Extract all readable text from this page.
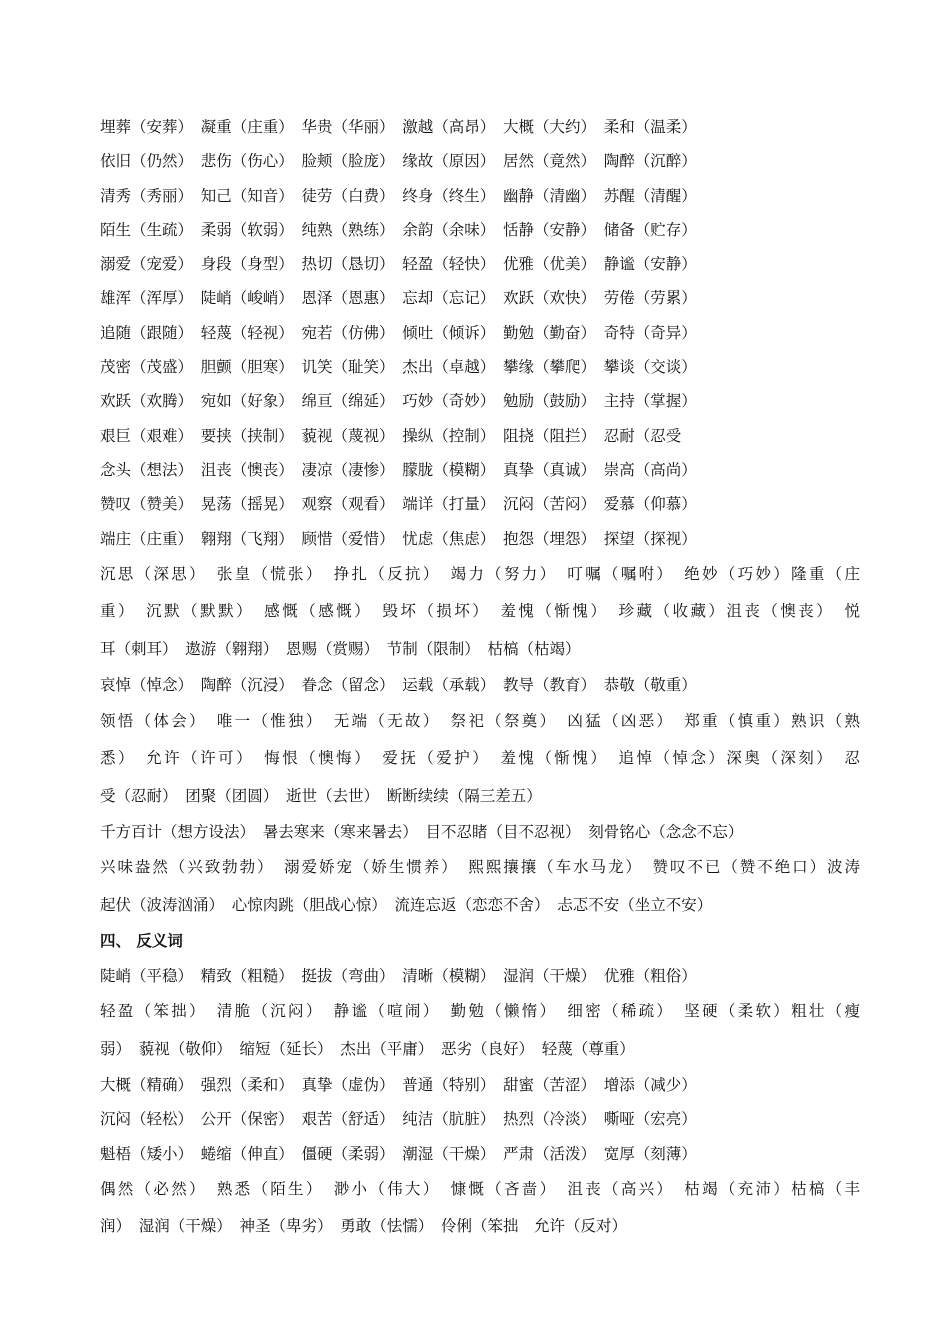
埋葬（安葬）　凝重（庄重）　华贵（华丽）　激越（高昂）　大概（大约）　柔和（温柔）
依旧（仍然）　悲伤（伤心）　脸颊（脸庞）　缘故（原因）　居然（竟然）　陶醉（沉醉）
清秀（秀丽）　知己（知音）　徒劳（白费）　终身（终生）　幽静（清幽）　苏醒（清醒）
陌生（生疏）　柔弱（软弱）　纯熟（熟练）　余韵（余味）　恬静（安静）　储备（贮存）
溺爱（宠爱）　身段（身型）　热切（恳切）　轻盈（轻快）　优雅（优美）　静谧（安静）
雄浑（浑厚）　陡峭（峻峭）　恩泽（恩惠）　忘却（忘记）　欢跃（欢快）　劳倦（劳累）
追随（跟随）　轻蔑（轻视）　宛若（仿佛）　倾吐（倾诉）　勤勉（勤奋）　奇特（奇异）
茂密（茂盛）　胆颤（胆寒）　讥笑（耻笑）　杰出（卓越）　攀缘（攀爬）　攀谈（交谈）
欢跃（欢腾）　宛如（好象）　绵亘（绵延）　巧妙（奇妙）　勉励（鼓励）　主持（掌握）
艰巨（艰难）　要挟（挟制）　藐视（蔑视）　操纵（控制）　阻挠（阻拦）　忍耐（忍受
念头（想法）　沮丧（懊丧）　凄凉（凄惨）　朦胧（模糊）　真挚（真诚）　崇高（高尚）
赞叹（赞美）　晃荡（摇晃）　观察（观看）　端详（打量）　沉闷（苦闷）　爱慕（仰慕）
端庄（庄重）　翱翔（飞翔）　顾惜（爱惜）　忧虑（焦虑）　抱怨（埋怨）　探望（探视）
沉思（深思）　张皇（慌张）　挣扎（反抗）　竭力（努力）　叮嘱（嘱咐）　绝妙（巧妙）隆重（庄
重）　沉默（默默）　感慨（感慨）　毁坏（损坏）　羞愧（惭愧）　珍藏（收藏）沮丧（懊丧）　悦
耳（刺耳）　遨游（翱翔）　恩赐（赏赐）　节制（限制）　枯槁（枯竭）
哀悼（悼念）　陶醉（沉浸）　眷念（留念）　运载（承载）　教导（教育）　恭敬（敬重）
领悟（体会）　唯一（惟独）　无端（无故）　祭祀（祭奠）　凶猛（凶恶）　郑重（慎重）熟识（熟
悉）　允许（许可）　悔恨（懊悔）　爱抚（爱护）　羞愧（惭愧）　追悼（悼念）深奥（深刻）　忍
受（忍耐）　团聚（团圆）　逝世（去世）　断断续续（隔三差五）
千方百计（想方设法）　暑去寒来（寒来暑去）　目不忍睹（目不忍视）　刻骨铭心（念念不忘）
兴味盎然（兴致勃勃）　溺爱娇宠（娇生惯养）　熙熙攘攘（车水马龙）　赞叹不已（赞不绝口）波涛
起伏（波涛汹涌）　心惊肉跳（胆战心惊）　流连忘返（恋恋不舍）　忐忑不安（坐立不安）
四、 反义词
陡峭（平稳）　精致（粗糙）　挺拔（弯曲）　清晰（模糊）　湿润（干燥）　优雅（粗俗）
轻盈（笨拙）　清脆（沉闷）　静谧（喧闹）　勤勉（懒惰）　细密（稀疏）　坚硬（柔软）粗壮（瘦
弱）　藐视（敬仰）　缩短（延长）　杰出（平庸）　恶劣（良好）　轻蔑（尊重）
大概（精确）　强烈（柔和）　真挚（虚伪）　普通（特别）　甜蜜（苦涩）　增添（减少）
沉闷（轻松）　公开（保密）　艰苦（舒适）　纯洁（肮脏）　热烈（冷淡）　嘶哑（宏亮）
魁梧（矮小）　蜷缩（伸直）　僵硬（柔弱）　潮湿（干燥）　严肃（活泼）　宽厚（刻薄）
偶然（必然）　熟悉（陌生）　渺小（伟大）　慷慨（吝啬）　沮丧（高兴）　枯竭（充沛）枯槁（丰
润）　湿润（干燥）　神圣（卑劣）　勇敢（怯懦）　伶俐（笨拙　允许（反对）
